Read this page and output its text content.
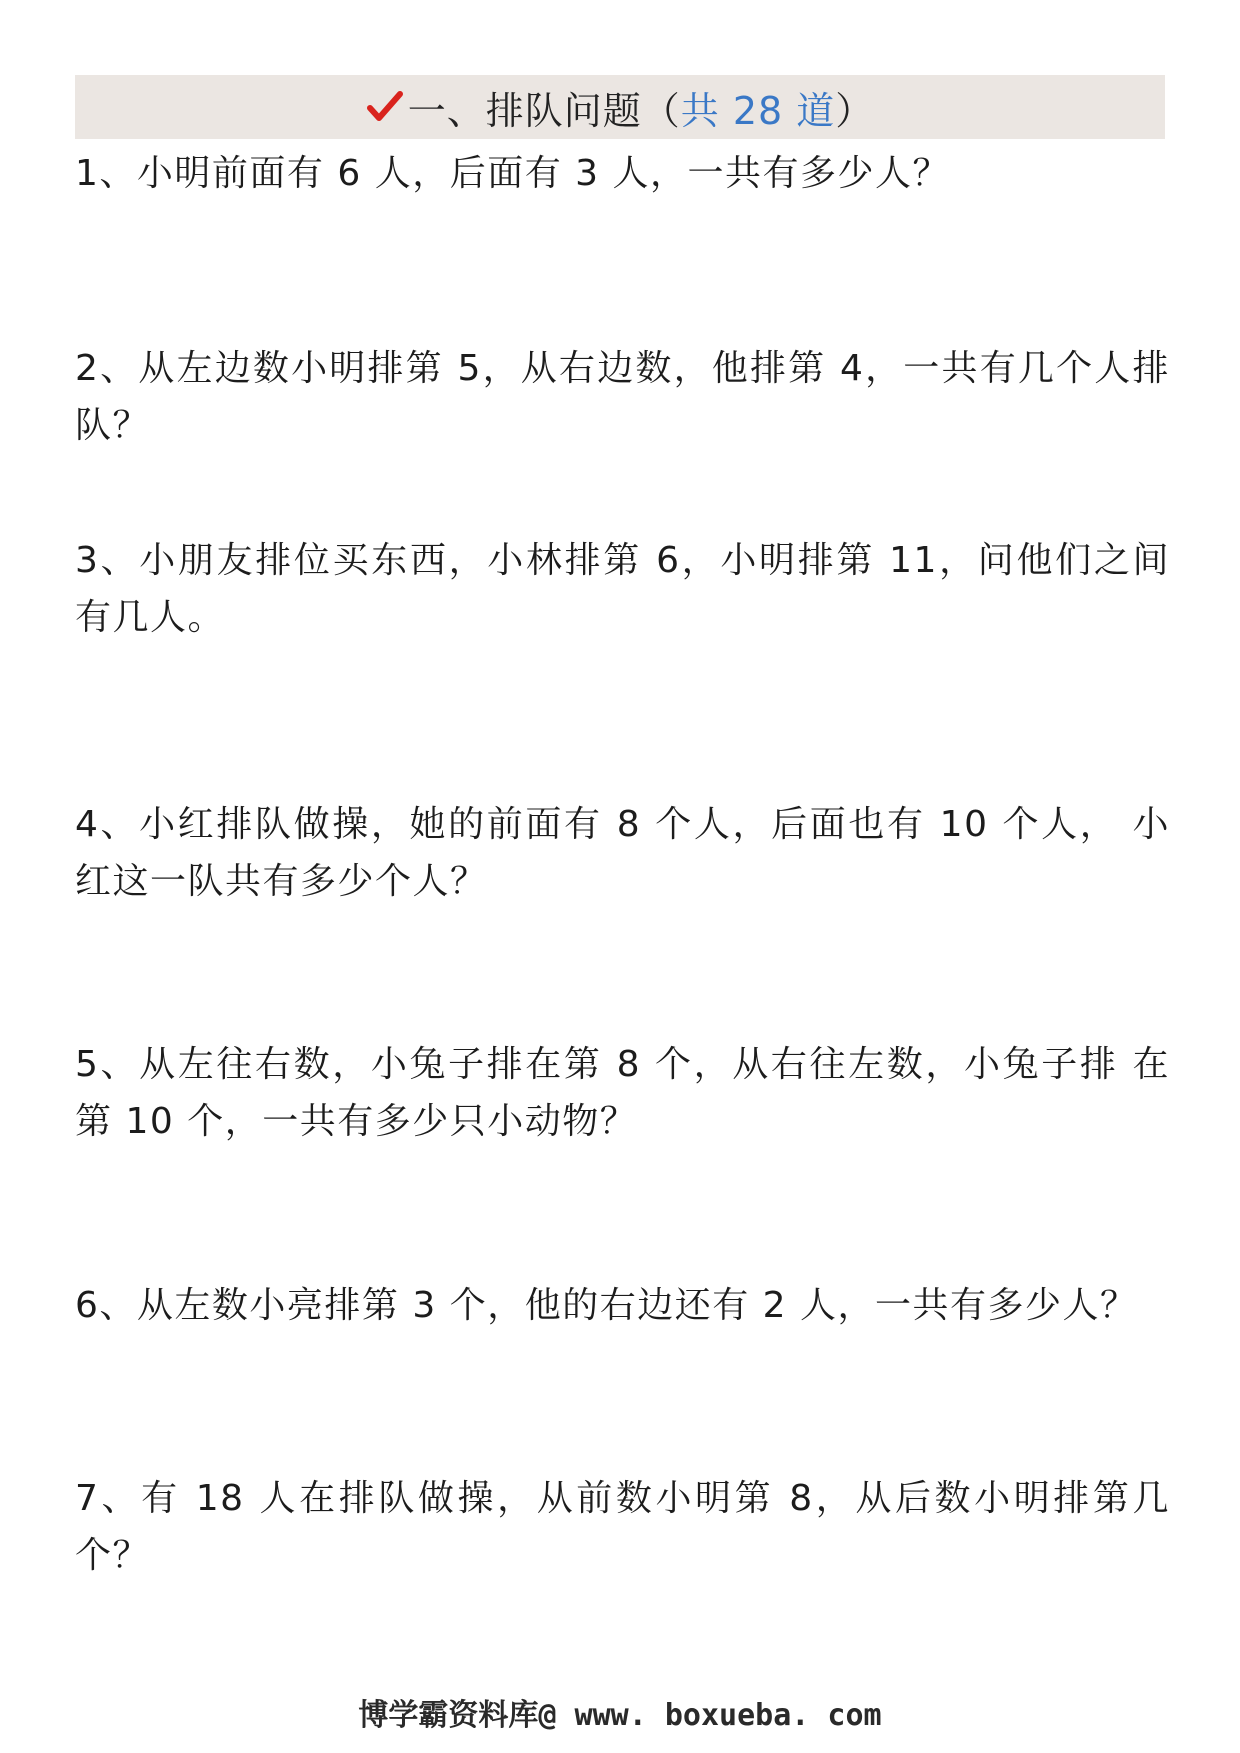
一、排队问题 （ 共 28 道 ）
1、小明前面有 6 人，后面有 3 人，一共有多少人？
2、从左边数小明排第 5，从右边数，他排第 4，一共有几个人排队？
3、小朋友排位买东西，小林排第 6，小明排第 11，问他们之间有几人。
4、小红排队做操，她的前面有 8 个人，后面也有 10 个人， 小红这一队共有多少个人？
5、从左往右数，小兔子排在第 8 个，从右往左数，小兔子排 在第 10 个，一共有多少只小动物？
6、从左数小亮排第 3 个，他的右边还有 2 人，一共有多少人？
7、有 18 人在排队做操，从前数小明第 8，从后数小明排第几个？
博学霸资料库@ www. boxueba. com
